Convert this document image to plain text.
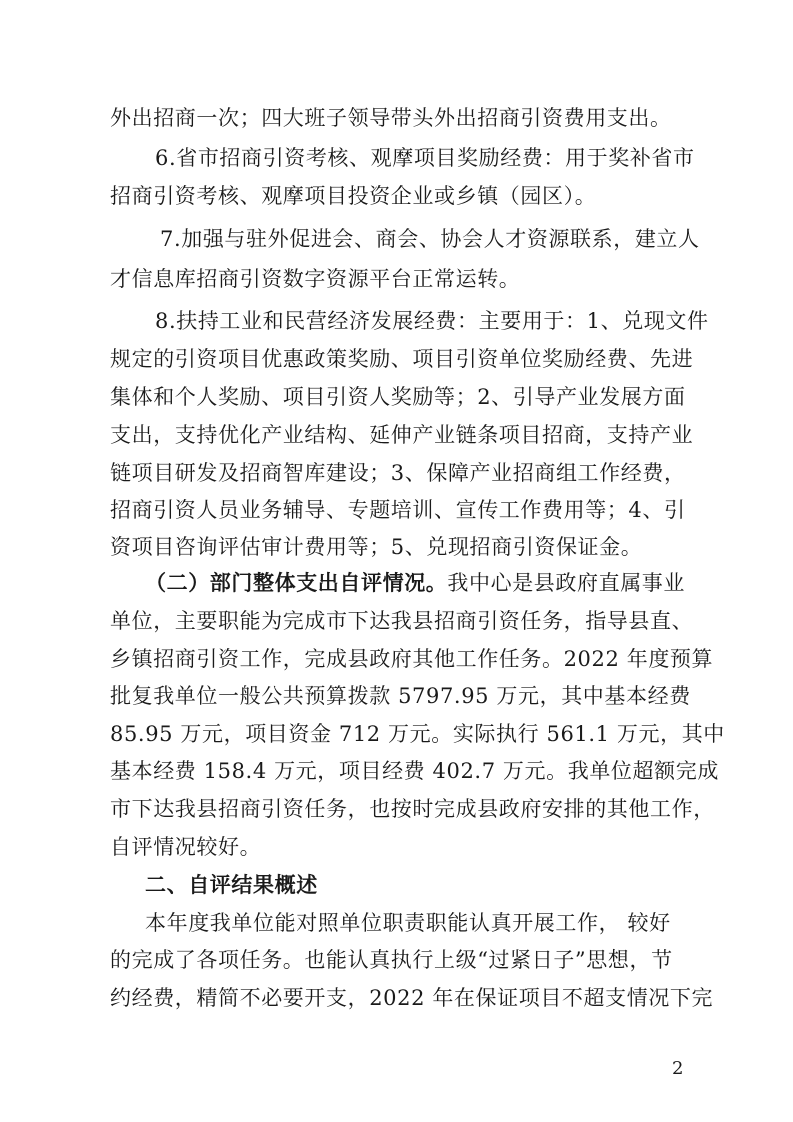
外出招商一次；四大班子领导带头外出招商引资费用支出。
6.省市招商引资考核、观摩项目奖励经费：用于奖补省市
招商引资考核、观摩项目投资企业或乡镇（园区）。
7.加强与驻外促进会、商会、协会人才资源联系，建立人
才信息库招商引资数字资源平台正常运转。
8.扶持工业和民营经济发展经费：主要用于：1、兑现文件
规定的引资项目优惠政策奖励、项目引资单位奖励经费、先进
集体和个人奖励、项目引资人奖励等；2、引导产业发展方面
支出，支持优化产业结构、延伸产业链条项目招商，支持产业
链项目研发及招商智库建设；3、保障产业招商组工作经费，
招商引资人员业务辅导、专题培训、宣传工作费用等；4、引
资项目咨询评估审计费用等；5、兑现招商引资保证金。
（二）部门整体支出自评情况。我中心是县政府直属事业
单位，主要职能为完成市下达我县招商引资任务，指导县直、
乡镇招商引资工作，完成县政府其他工作任务。2022 年度预算
批复我单位一般公共预算拨款 5797.95 万元，其中基本经费
85.95 万元，项目资金 712 万元。实际执行 561.1 万元，其中
基本经费 158.4 万元，项目经费 402.7 万元。我单位超额完成
市下达我县招商引资任务，也按时完成县政府安排的其他工作，
自评情况较好。
二、自评结果概述
本年度我单位能对照单位职责职能认真开展工作， 较好
的完成了各项任务。也能认真执行上级“过紧日子”思想，节
约经费，精简不必要开支，2022 年在保证项目不超支情况下完
2
